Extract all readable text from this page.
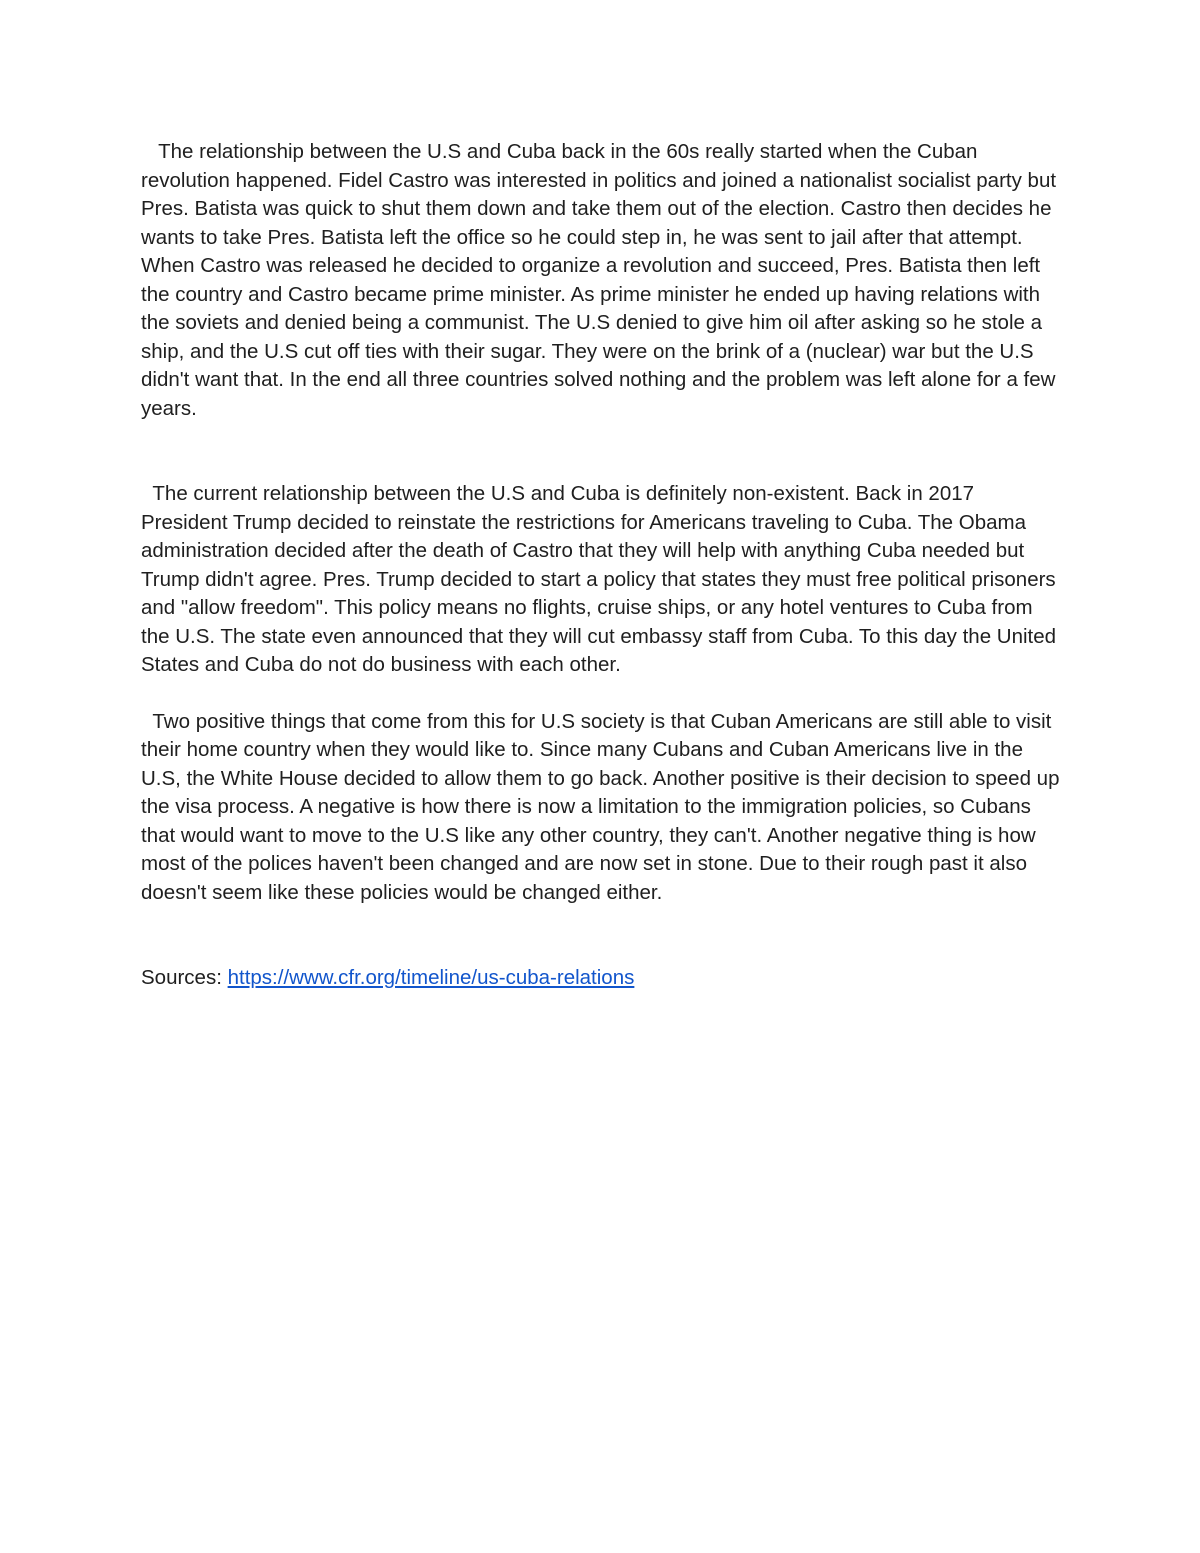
The relationship between the U.S and Cuba back in the 60s really started when the Cuban revolution happened. Fidel Castro was interested in politics and joined a nationalist socialist party but Pres. Batista was quick to shut them down and take them out of the election. Castro then decides he wants to take Pres. Batista left the office so he could step in, he was sent to jail after that attempt. When Castro was released he decided to organize a revolution and succeed, Pres. Batista then left the country and Castro became prime minister. As prime minister he ended up having relations with the soviets and denied being a communist. The U.S denied to give him oil after asking so he stole a ship, and the U.S cut off ties with their sugar. They were on the brink of a (nuclear) war but the U.S didn't want that. In the end all three countries solved nothing and the problem was left alone for a few years.

The current relationship between the U.S and Cuba is definitely non-existent. Back in 2017 President Trump decided to reinstate the restrictions for Americans traveling to Cuba. The Obama administration decided after the death of Castro that they will help with anything Cuba needed but Trump didn't agree. Pres. Trump decided to start a policy that states they must free political prisoners and "allow freedom". This policy means no flights, cruise ships, or any hotel ventures to Cuba from the U.S. The state even announced that they will cut embassy staff from Cuba. To this day the United States and Cuba do not do business with each other.

Two positive things that come from this for U.S society is that Cuban Americans are still able to visit their home country when they would like to. Since many Cubans and Cuban Americans live in the U.S, the White House decided to allow them to go back. Another positive is their decision to speed up the visa process. A negative is how there is now a limitation to the immigration policies, so Cubans that would want to move to the U.S like any other country, they can't. Another negative thing is how most of the polices haven't been changed and are now set in stone. Due to their rough past it also doesn't seem like these policies would be changed either.

Sources: https://www.cfr.org/timeline/us-cuba-relations
